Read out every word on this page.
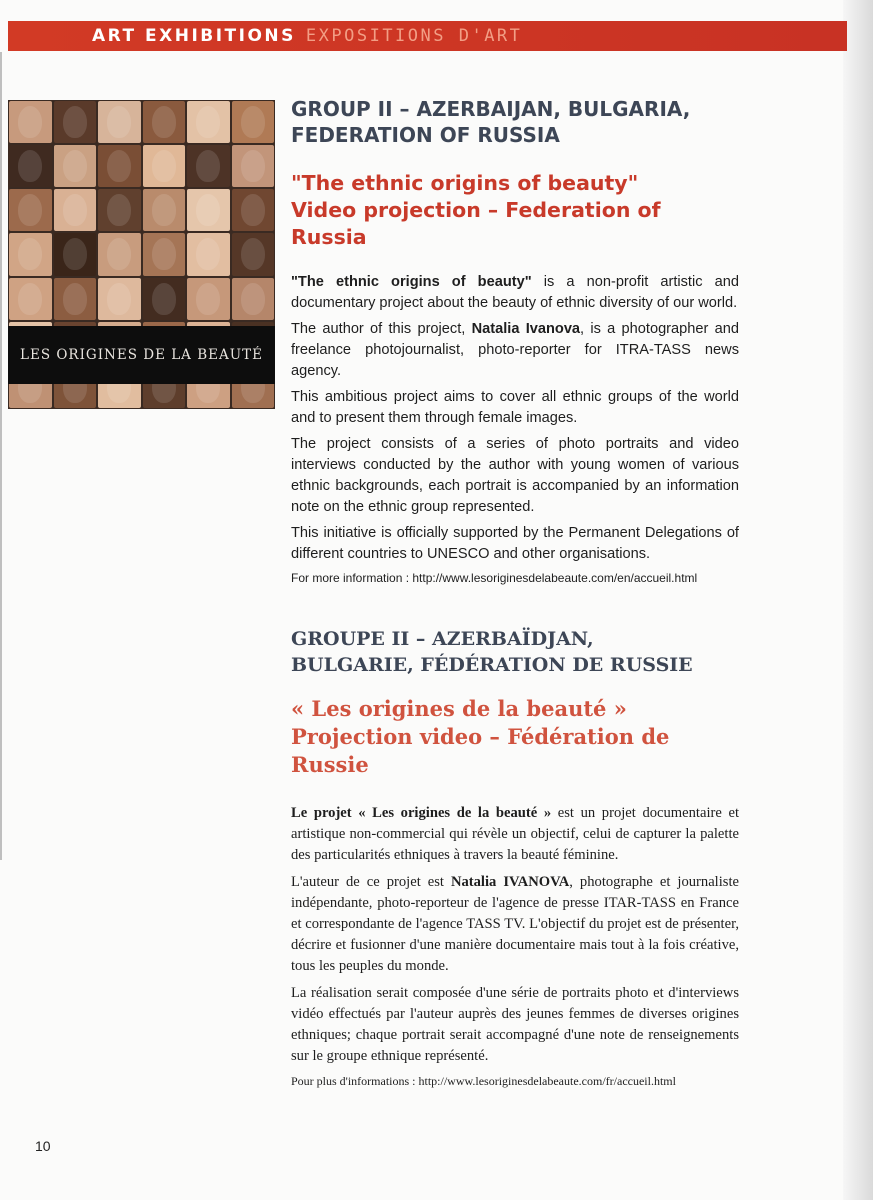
ART EXHIBITIONS EXPOSITIONS D'ART
LES ORIGINES DE LA BEAUTÉ
GROUP II – AZERBAIJAN, BULGARIA,
FEDERATION OF RUSSIA
"The ethnic origins of beauty"
Video projection – Federation of Russia

"The ethnic origins of beauty" is a non-profit artistic and documentary project about the beauty of ethnic diversity of our world.

The author of this project, Natalia Ivanova, is a photographer and freelance photojournalist, photo-reporter for ITRA-TASS news agency.

This ambitious project aims to cover all ethnic groups of the world and to present them through female images.

The project consists of a series of photo portraits and video interviews conducted by the author with young women of various ethnic backgrounds, each portrait is accompanied by an information note on the ethnic group represented.

This initiative is officially supported by the Permanent Delegations of different countries to UNESCO and other organisations.

For more information : http://www.lesoriginesdelabeaute.com/en/accueil.html
GROUPE II – AZERBAÏDJAN,
BULGARIE, FÉDÉRATION DE RUSSIE
« Les origines de la beauté »
Projection video – Fédération de Russie

Le projet « Les origines de la beauté » est un projet documentaire et artistique non-commercial qui révèle un objectif, celui de capturer la palette des particularités ethniques à travers la beauté féminine.

L'auteur de ce projet est Natalia IVANOVA, photographe et journaliste indépendante, photo-reporteur de l'agence de presse ITAR-TASS en France et correspondante de l'agence TASS TV. L'objectif du projet est de présenter, décrire et fusionner d'une manière documentaire mais tout à la fois créative, tous les peuples du monde.

La réalisation serait composée d'une série de portraits photo et d'interviews vidéo effectués par l'auteur auprès des jeunes femmes de diverses origines ethniques; chaque portrait serait accompagné d'une note de renseignements sur le groupe ethnique représenté.

Pour plus d'informations : http://www.lesoriginesdelabeaute.com/fr/accueil.html
10
